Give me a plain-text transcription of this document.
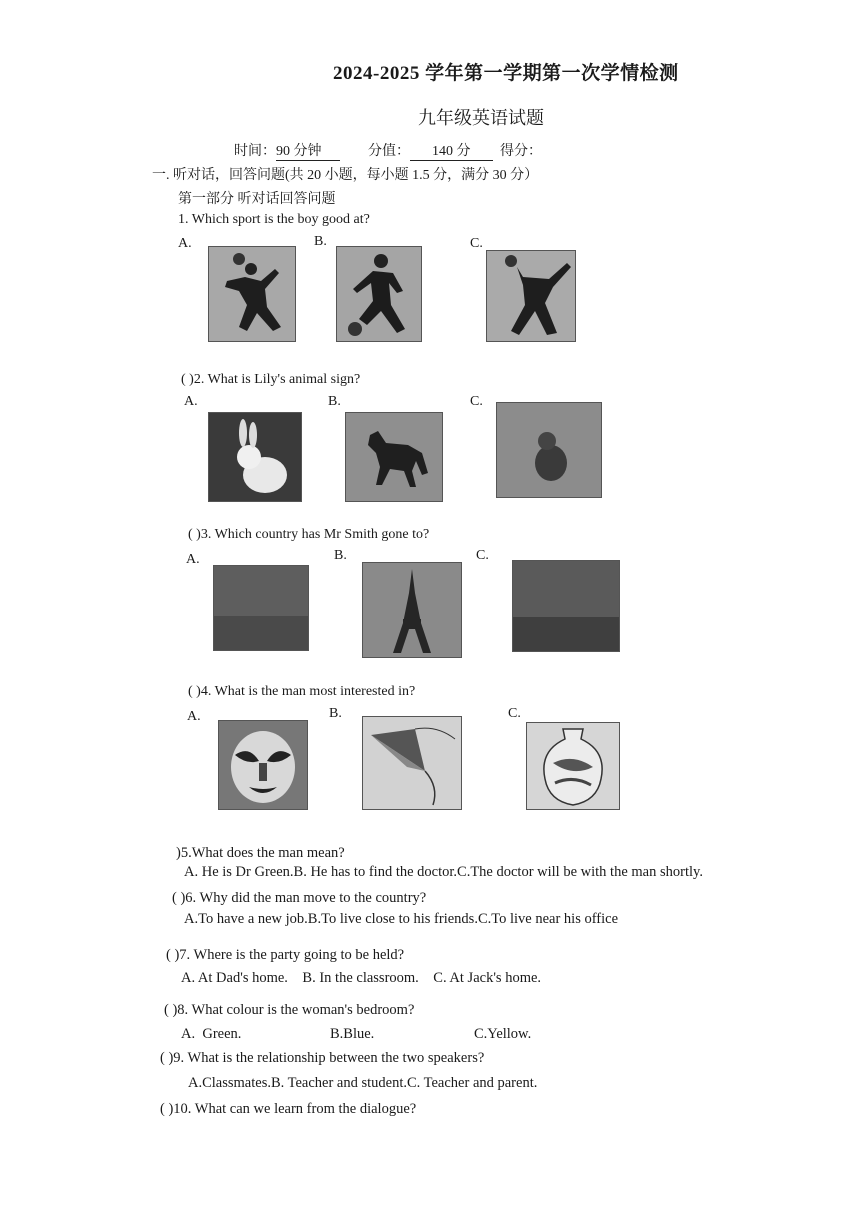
2024-2025 学年第一学期第一次学情检测
九年级英语试题
时间：90 分钟	分值： 140 分	得分：
一. 听对话，回答问题(共 20 小题，每小题 1.5 分，满分 30 分）
第一部分 听对话回答问题
1. Which sport is the boy good at?
A.	B.	C.
( )2. What is Lily's animal sign?
A.	B.	C.
( )3. Which country has Mr Smith gone to?
A.	B.	C.
( )4. What is the man most interested in?
A.	B.	C.
)5.What does the man mean?
A. He is Dr Green.B. He has to find the doctor.C.The doctor will be with the man shortly.
( )6. Why did the man move to the country?
A.To have a new job.B.To live close to his friends.C.To live near his office
( )7. Where is the party going to be held?
A. At Dad's home.    B. In the classroom.    C. At Jack's home.
( )8. What colour is the woman's bedroom?
A.  Green.	B.Blue.	C.Yellow.
( )9. What is the relationship between the two speakers?
A.Classmates.B. Teacher and student.C. Teacher and parent.
( )10. What can we learn from the dialogue?
